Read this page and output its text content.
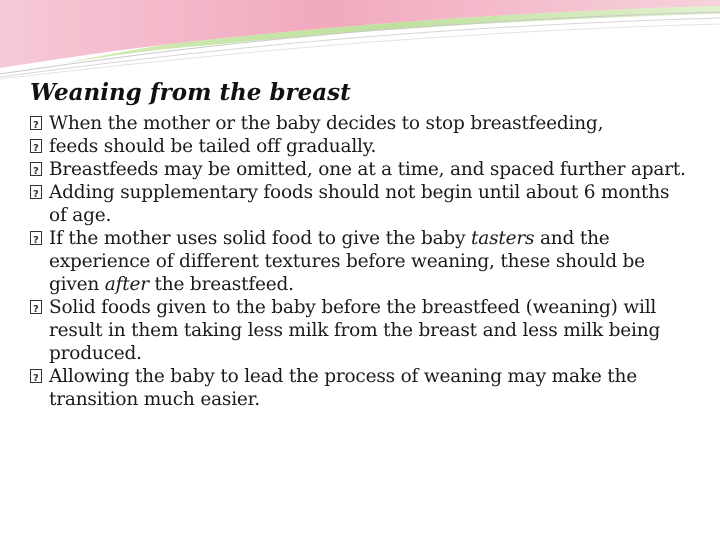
Weaning from the breast
?
When the mother or the baby decides to stop breastfeeding,
?
feeds should be tailed off gradually.
?
Breastfeeds may be omitted, one at a time, and spaced further apart.
?
Adding supplementary foods should not begin until about 6 months of age.
?
If the mother uses solid food to give the baby tasters and the experience of different textures before weaning, these should be given after the breastfeed.
?
Solid foods given to the baby before the breastfeed (weaning) will result in them taking less milk from the breast and less milk being produced.
?
Allowing the baby to lead the process of weaning may make the transition much easier.
